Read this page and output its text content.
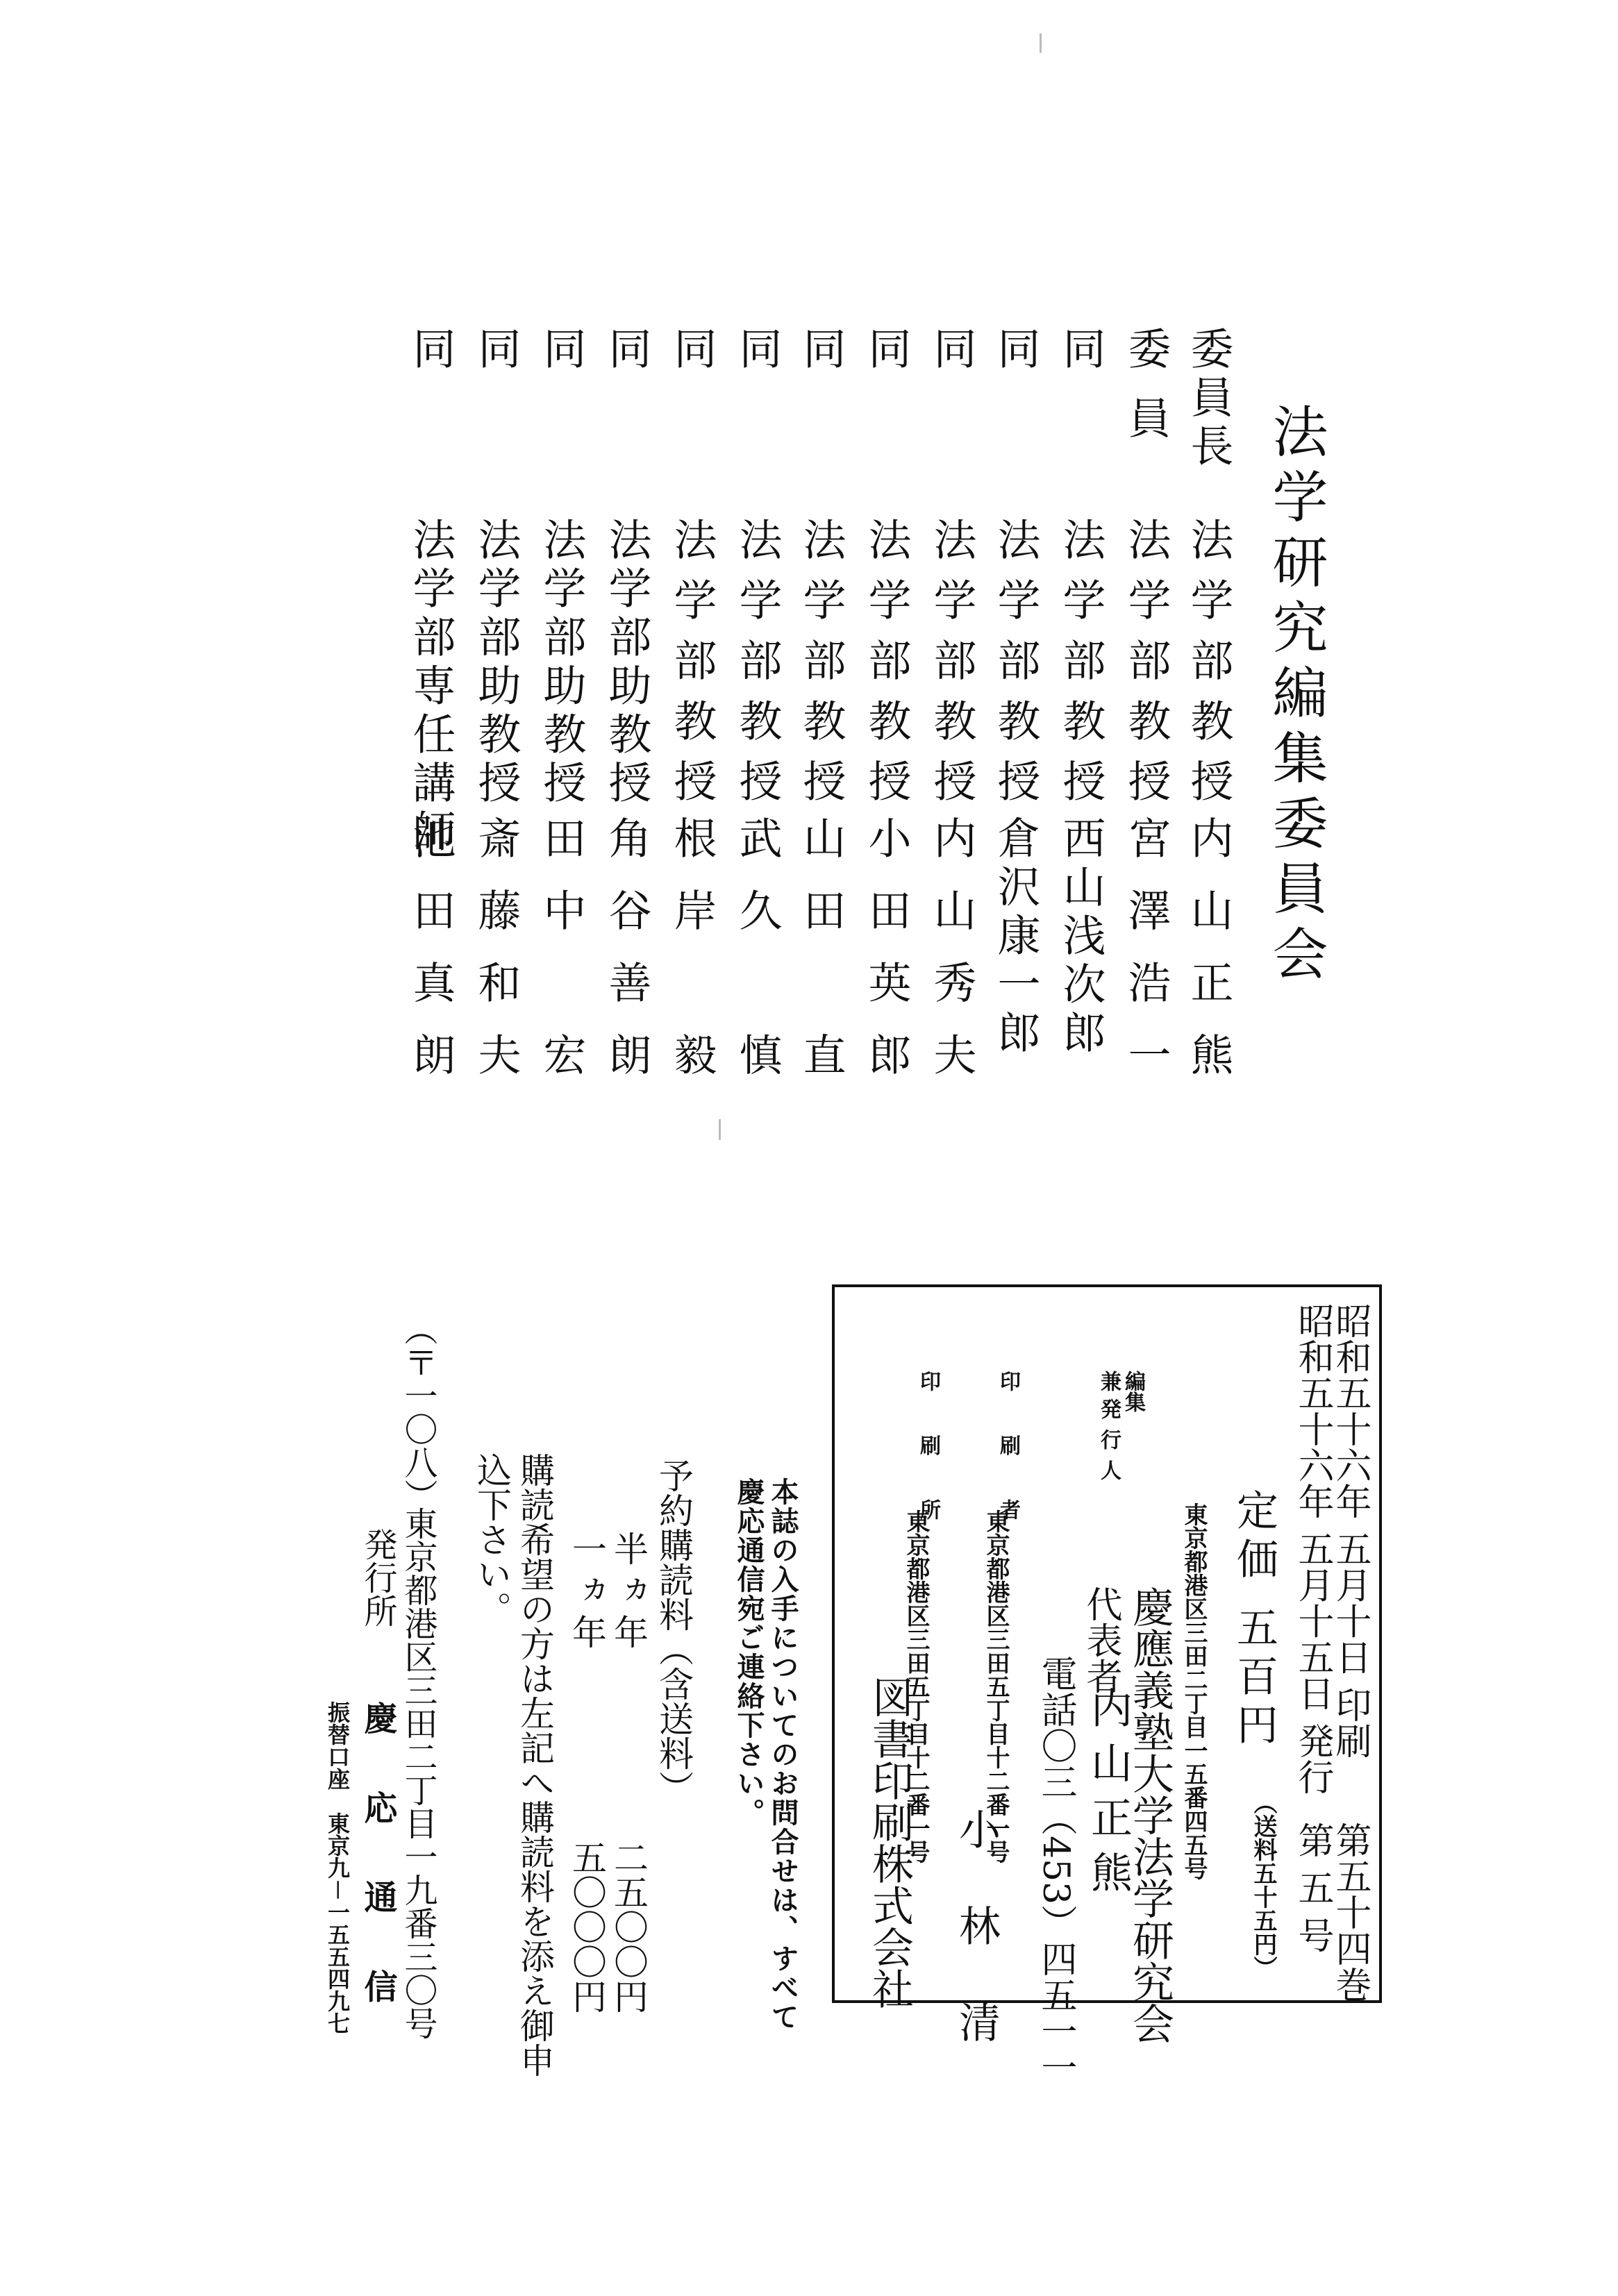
法学研究編集委員会
委員長
法学部教授
内山正熊
委員
法学部教授
宮澤浩一
同
法学部教授
西山浅次郎
同
法学部教授
倉沢康一郎
同
法学部教授
内山秀夫
同
法学部教授
小田英郎
同
法学部教授
山田　直
同
法学部教授
武久　慎
同
法学部教授
根岸　毅
同
法学部助教授
角谷善朗
同
法学部助教授
田中　宏
同
法学部助教授
斎藤和夫
同
法学部専任講師
池田真朗
昭和五十六年 五月十日 印刷
昭和五十六年 五月十五日 発行
第五十四巻
第 五 号
定価 五百円
（送料五十五円）
編集
兼
発行人
東京都港区三田二丁目一五番四五号
慶應義塾大学法学研究会
代表者
内 山 正 熊
電話〇三（453）四五一一
印 刷 者
東京都港区三田五丁目十二番一号
小 林 清
印 刷 所
東京都港区三田五丁目十二番一号
図書印刷株式会社
本誌の入手についてのお問合せは、すべて
慶応通信宛ご連絡下さい。
予約購読料（含送料）
半ヵ年
二五〇〇円
一ヵ年
五〇〇〇円
購読希望の方は左記へ購読料を添え御申
込下さい。
（〒一〇八）
東京都港区三田二丁目一九番三〇号
発行所
慶 応 通 信
振替口座　東京九－一五五四九七
